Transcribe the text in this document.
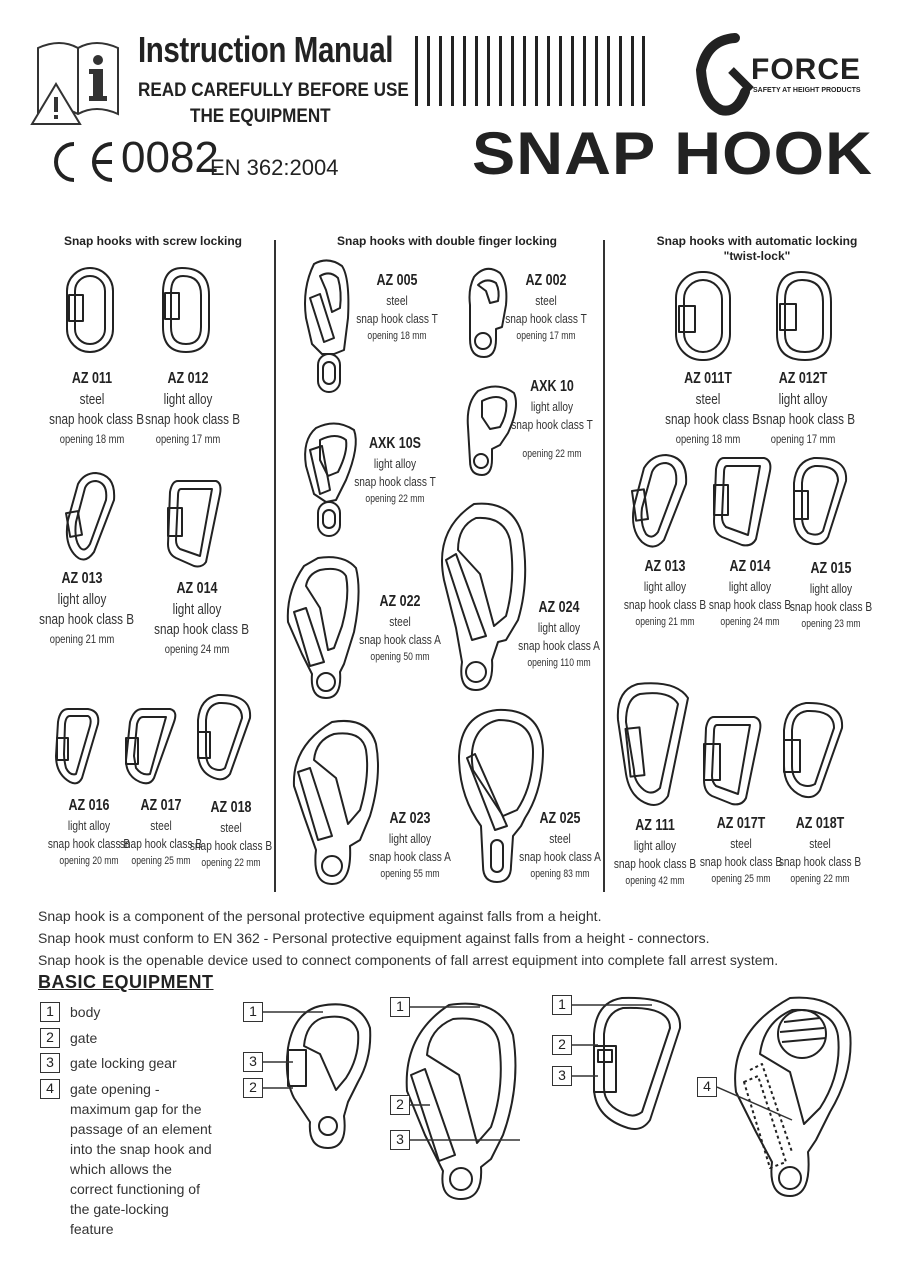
Instruction Manual
READ CAREFULLY BEFORE USE
THE EQUIPMENT
0082
EN 362:2004
FORCE
SAFETY AT HEIGHT PRODUCTS
SNAP HOOK
Snap hooks with screw locking	Snap hooks with double finger locking	Snap hooks with automatic locking
"twist-lock"
AZ 011
steel
snap hook class B
opening 18 mm
AZ 012
light alloy
snap hook class B
opening 17 mm
AZ 013
light alloy
snap hook class B
opening 21 mm
AZ 014
light alloy
snap hook class B
opening 24 mm
AZ 016
light alloy
snap hook class B
opening 20 mm
AZ 017
steel
snap hook class B
opening 25 mm
AZ 018
steel
snap hook class B
opening 22 mm
AZ 005
steel
snap hook class T
opening 18 mm
AZ 002
steel
snap hook class T
opening 17 mm
AXK 10S
light alloy
snap hook class T
opening 22 mm
AXK 10
light alloy
snap hook class T
opening 22 mm
AZ 022
steel
snap hook class A
opening 50 mm
AZ 024
light alloy
snap hook class A
opening 110 mm
AZ 023
light alloy
snap hook class A
opening 55 mm
AZ 025
steel
snap hook class A
opening 83 mm
AZ 011T
steel
snap hook class B
opening 18 mm
AZ 012T
light alloy
snap hook class B
opening 17 mm
AZ 013
light alloy
snap hook class B
opening 21 mm
AZ 014
light alloy
snap hook class B
opening 24 mm
AZ 015
light alloy
snap hook class B
opening 23 mm
AZ 111
light alloy
snap hook class B
opening 42 mm
AZ 017T
steel
snap hook class B
opening 25 mm
AZ 018T
steel
snap hook class B
opening 22 mm
Snap hook is a component of the personal protective equipment against falls from a height.
Snap hook must conform to EN 362 - Personal protective equipment against falls from a height - connectors.
Snap hook is the openable device used to connect components of fall arrest equipment into complete fall arrest system.
BASIC EQUIPMENT
1	body
2	gate
3	gate locking gear
4	gate opening -
maximum gap for the
passage of an element
into the snap hook and
which allows the
correct functioning of
the gate-locking
feature
1
3
2
1
2
3
1
2
3
4
